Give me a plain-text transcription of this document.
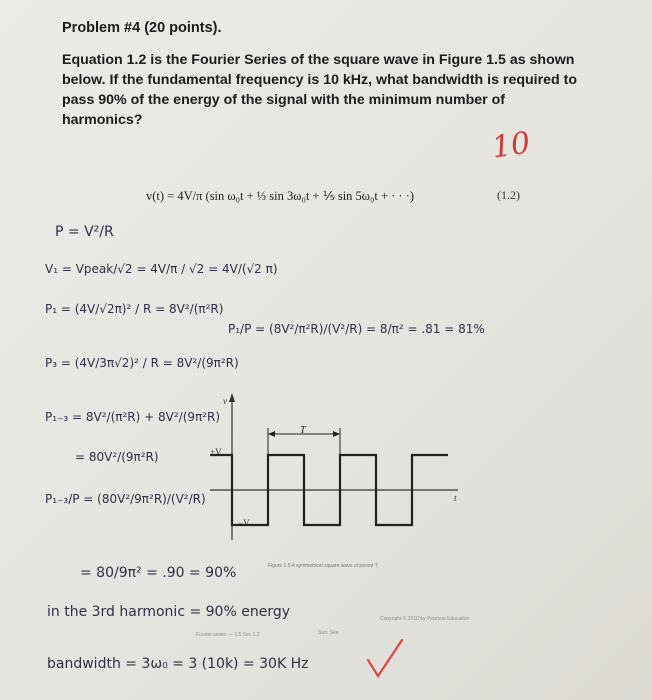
Problem #4 (20 points).
Equation 1.2 is the Fourier Series of the square wave in Figure 1.5 as shown below. If the fundamental frequency is 10 kHz, what bandwidth is required to pass 90% of the energy of the signal with the minimum number of harmonics?
10
v(t) = 4V/π (sin ω₀t + ⅓ sin 3ω₀t + ⅕ sin 5ω₀t + · · ·)	(1.2)
P = V²/R
V₁ = Vpeak/√2 = 4V/π / √2 = 4V/(√2 π)
P₁ = (4V/√2π)² / R = 8V²/(π²R)
P₁/P = (8V²/π²R)/(V²/R) = 8/π² = .81 = 81%
P₃ = (4V/3π√2)² / R = 8V²/(9π²R)
P₁₋₃ = 8V²/(π²R) + 8V²/(9π²R)
= 80V²/(9π²R)
P₁₋₃/P = (80V²/9π²R)/(V²/R)
= 80/9π² = .90 = 90%
in the 3rd harmonic = 90% energy
bandwidth = 3ω₀ = 3 (10k) = 30K Hz
v
t
+V
−V
T
Figure 1.5 A symmetrical square wave of period T
Fourier series — 1.5 Sec 1.2
Copyright © 2010 by Pearson Education
Sub: See
